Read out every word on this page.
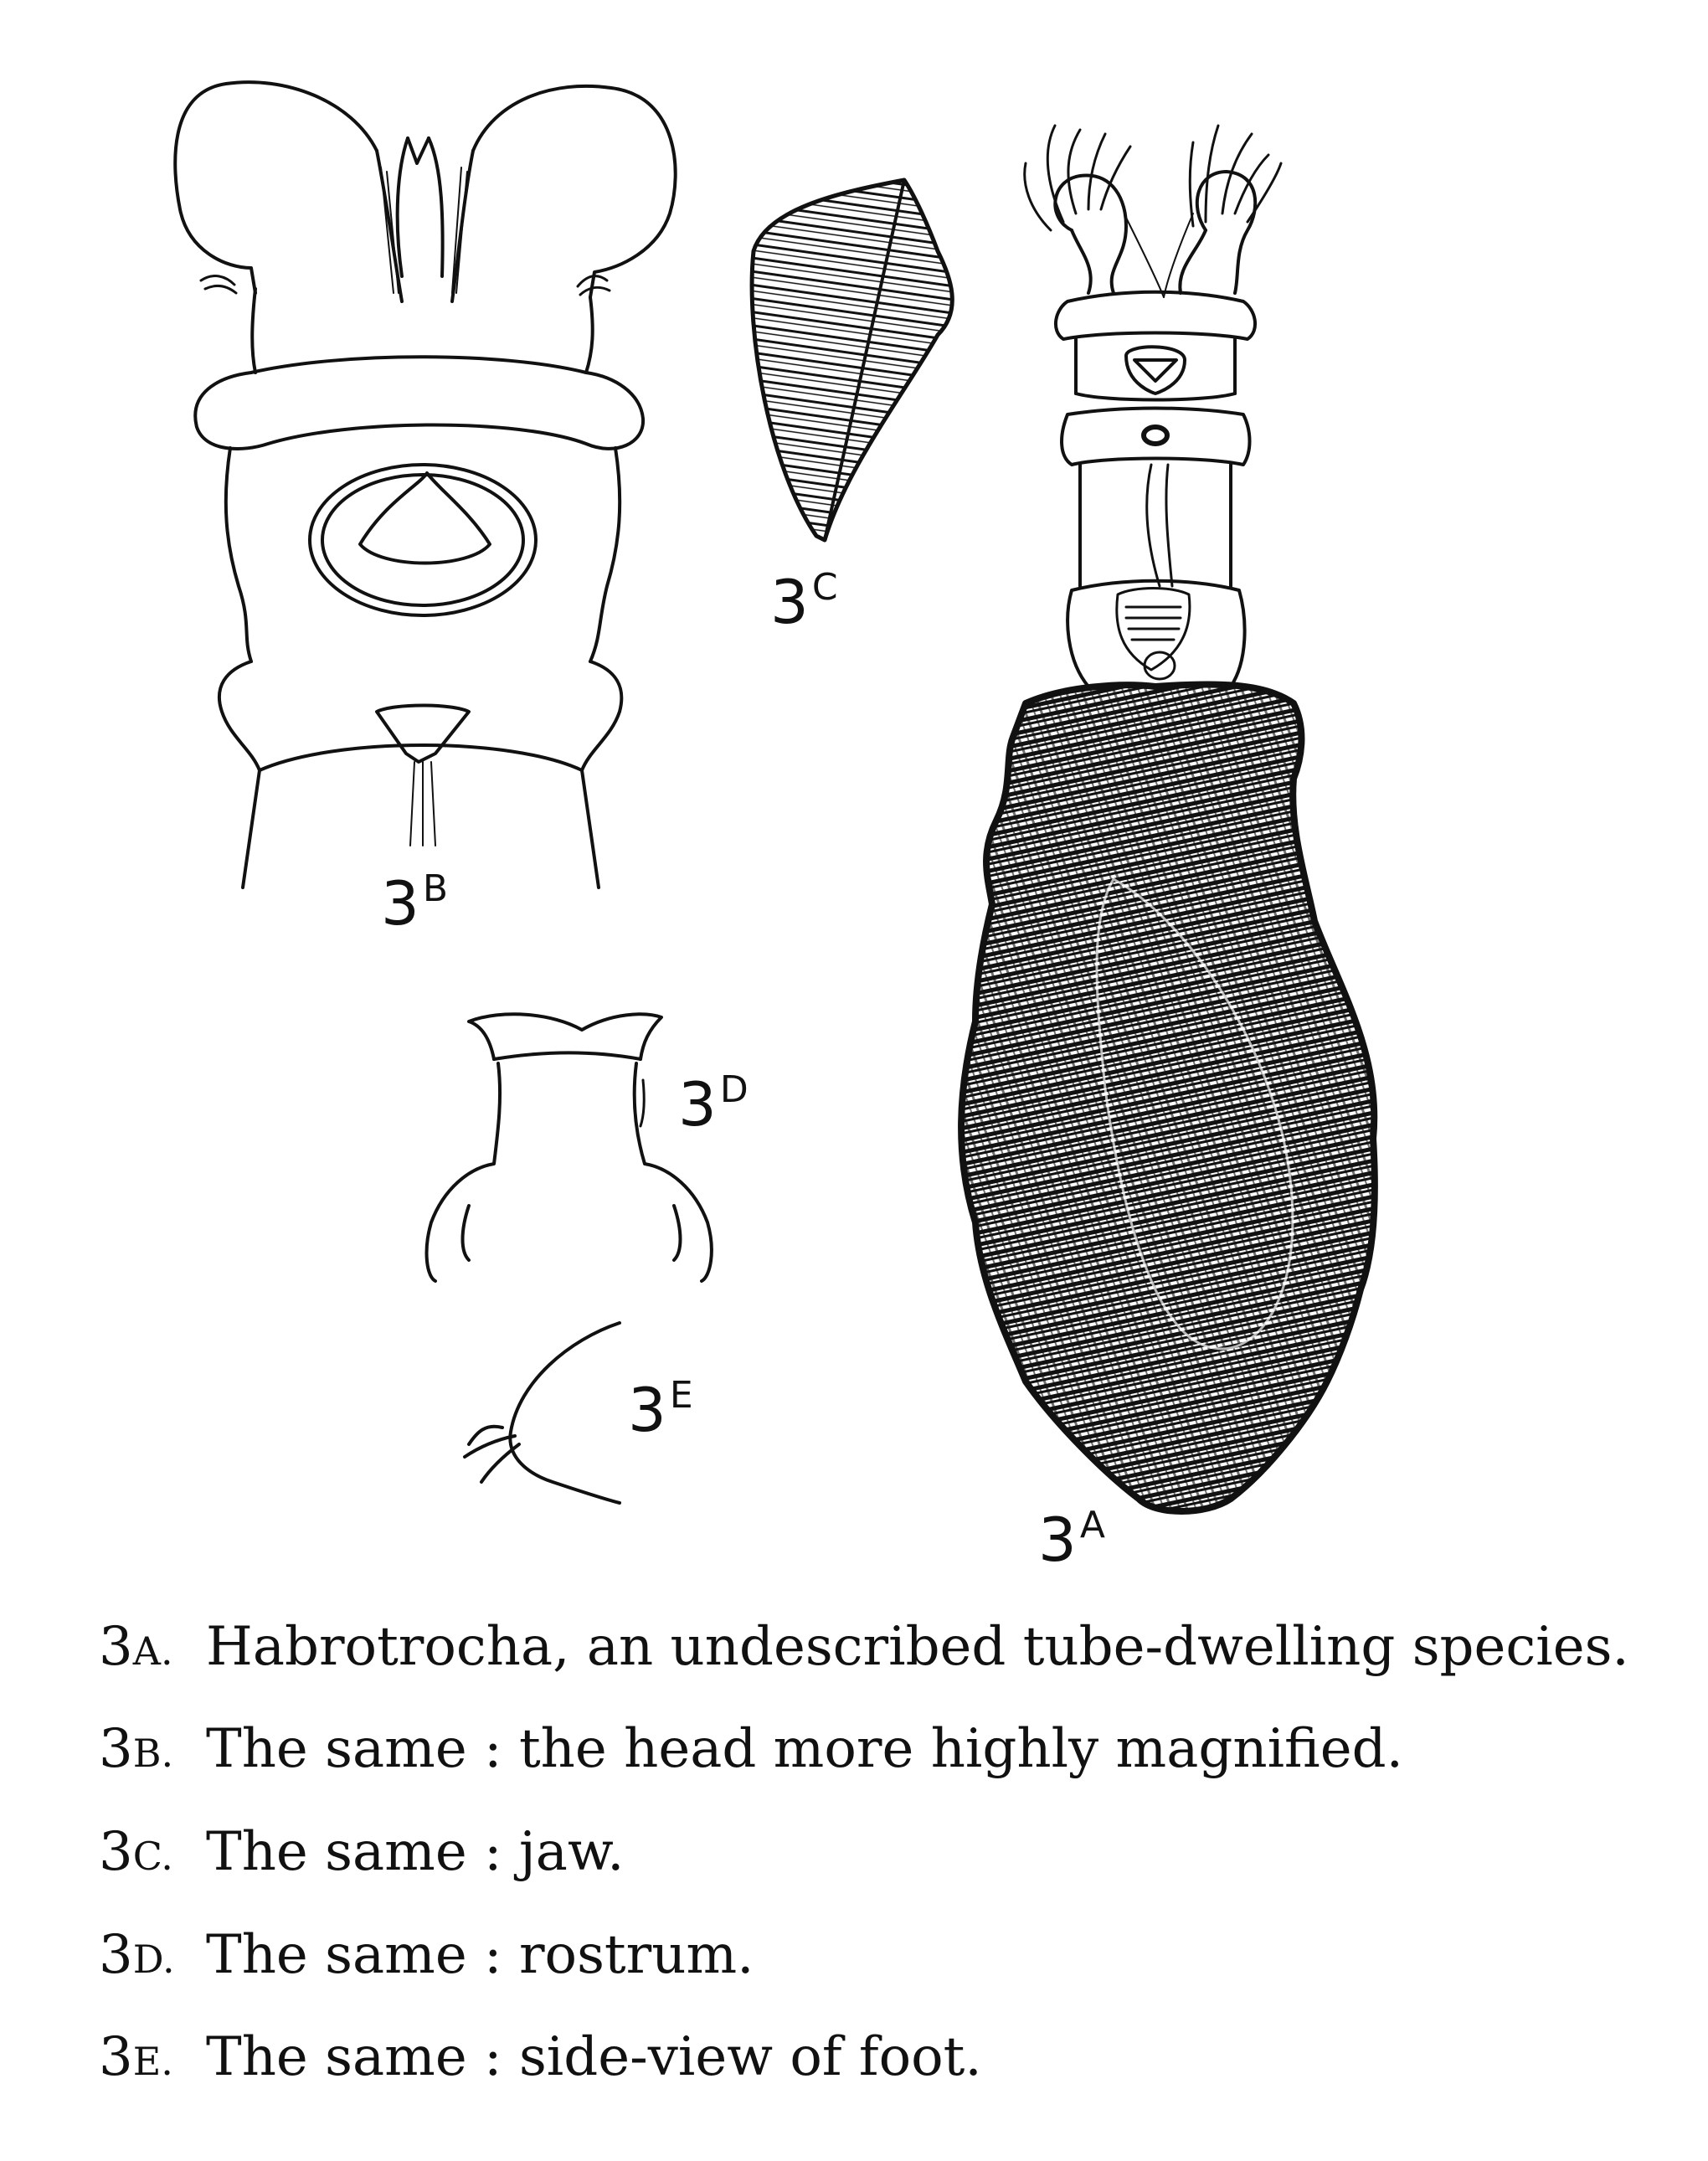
$3^B$
$3^C$
$3^D$
$3^E$
$3^A$
3A. Habrotrocha, an undescribed tube-dwelling species.
3B. The same : the head more highly magnified.
3C. The same : jaw.
3D. The same : rostrum.
3E. The same : side-view of foot.
